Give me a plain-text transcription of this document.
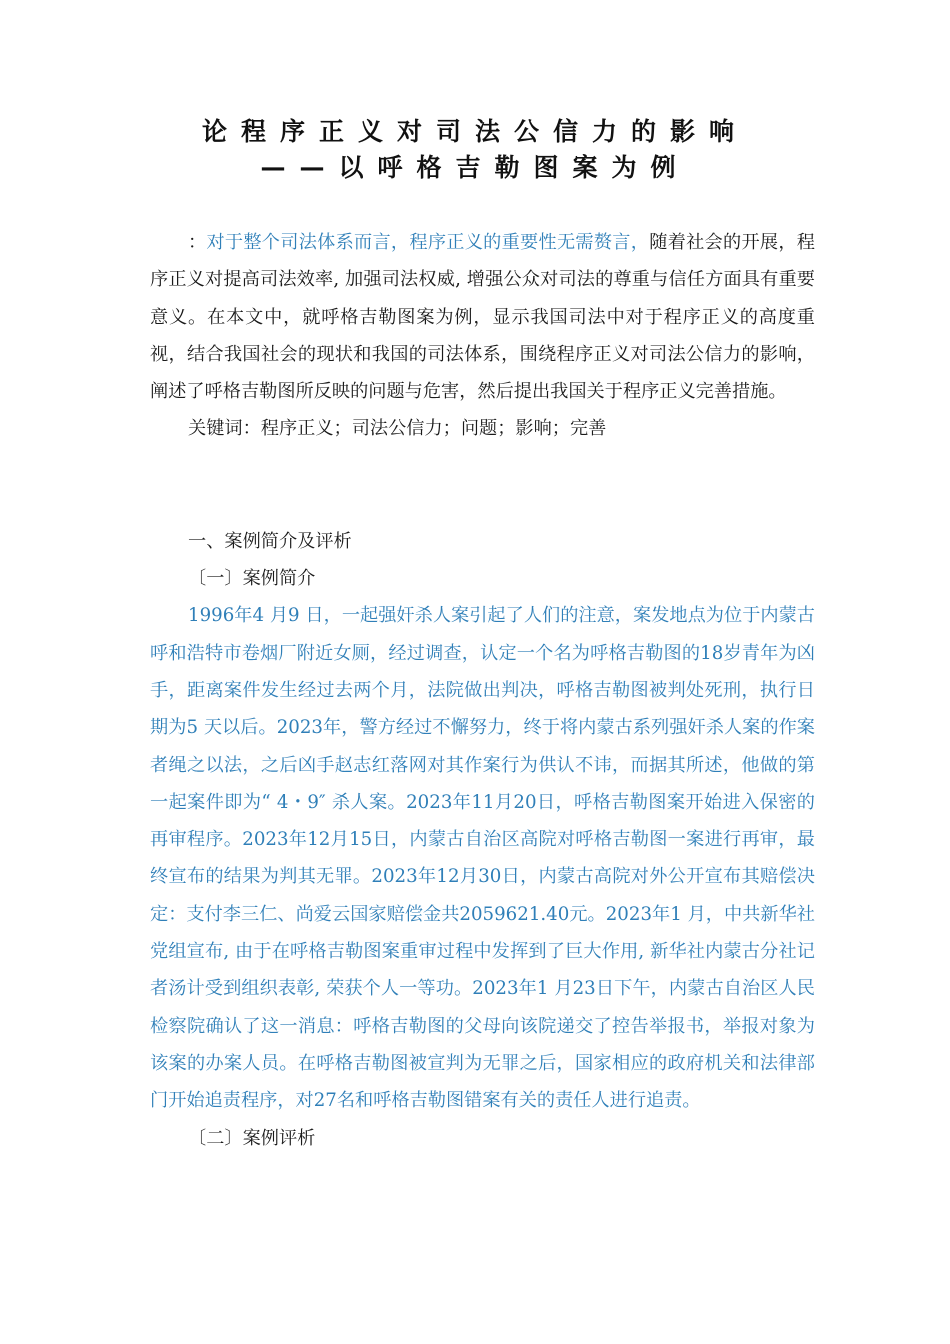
论程序正义对司法公信力的影响
——以呼格吉勒图案为例

：对于整个司法体系而言，程序正义的重要性无需赘言，随着社会的开展，程序正义对提高司法效率, 加强司法权威, 增强公众对司法的尊重与信任方面具有重要意义。在本文中，就呼格吉勒图案为例，显示我国司法中对于程序正义的高度重视，结合我国社会的现状和我国的司法体系，围绕程序正义对司法公信力的影响，阐述了呼格吉勒图所反映的问题与危害，然后提出我国关于程序正义完善措施。

关键词：程序正义；司法公信力；问题；影响；完善

一、案例简介及评析

〔一〕案例简介

1996年4 月9 日，一起强奸杀人案引起了人们的注意，案发地点为位于内蒙古呼和浩特市卷烟厂附近女厕，经过调查，认定一个名为呼格吉勒图的18岁青年为凶手，距离案件发生经过去两个月，法院做出判决，呼格吉勒图被判处死刑，执行日期为5 天以后。2023年，警方经过不懈努力，终于将内蒙古系列强奸杀人案的作案者绳之以法，之后凶手赵志红落网对其作案行为供认不讳，而据其所述，他做的第一起案件即为“ 4・9″ 杀人案。2023年11月20日，呼格吉勒图案开始进入保密的再审程序。2023年12月15日，内蒙古自治区高院对呼格吉勒图一案进行再审，最终宣布的结果为判其无罪。2023年12月30日，内蒙古高院对外公开宣布其赔偿决定：支付李三仁、尚爱云国家赔偿金共2059621.40元。2023年1 月，中共新华社党组宣布, 由于在呼格吉勒图案重审过程中发挥到了巨大作用, 新华社内蒙古分社记者汤计受到组织表彰, 荣获个人一等功。2023年1 月23日下午，内蒙古自治区人民检察院确认了这一消息：呼格吉勒图的父母向该院递交了控告举报书，举报对象为该案的办案人员。在呼格吉勒图被宣判为无罪之后，国家相应的政府机关和法律部门开始追责程序，对27名和呼格吉勒图错案有关的责任人进行追责。

〔二〕案例评析
